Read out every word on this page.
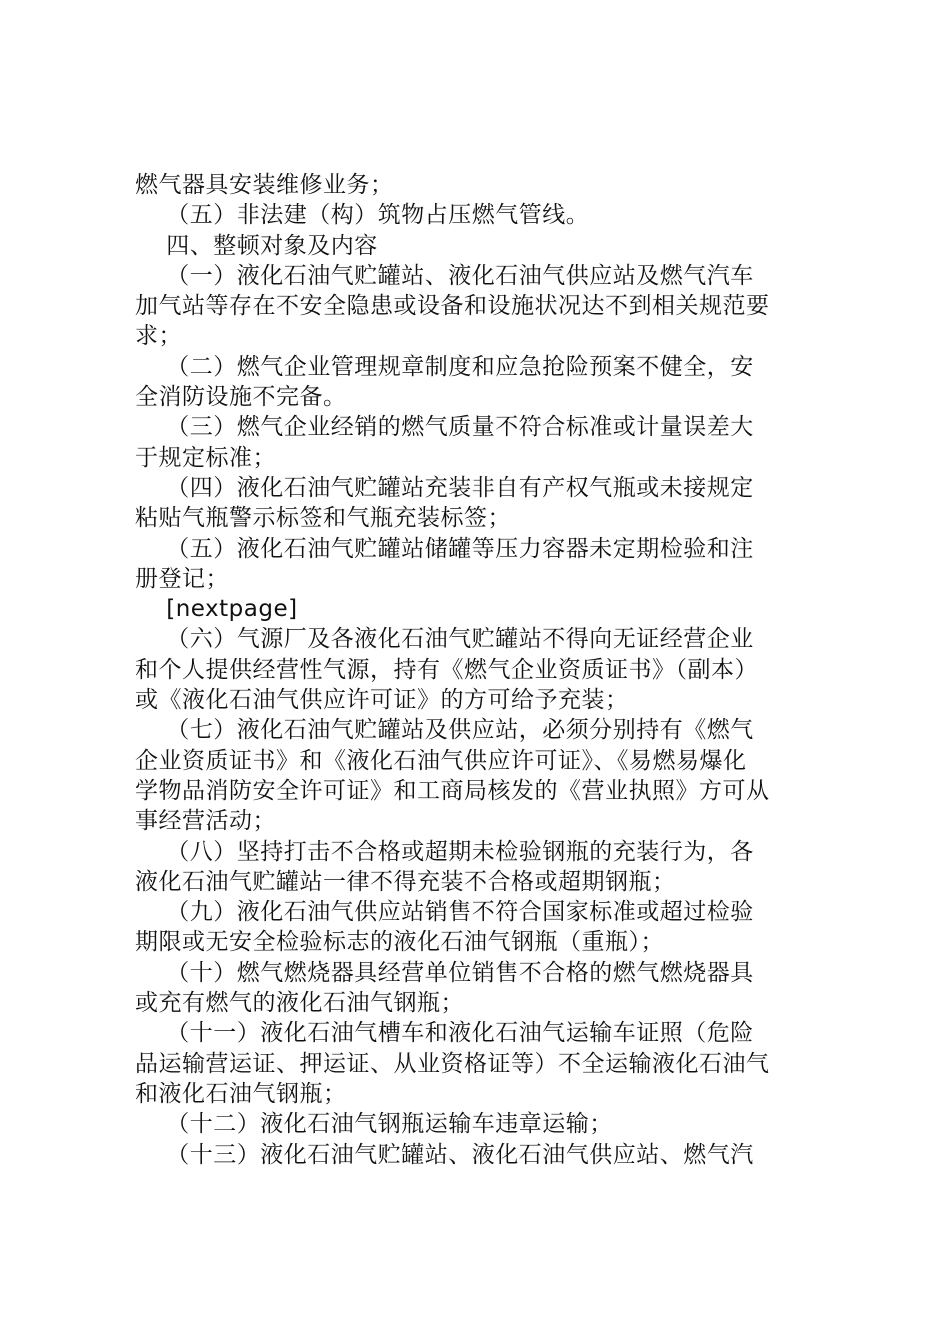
燃气器具安装维修业务；
（五）非法建（构）筑物占压燃气管线。
四、整顿对象及内容
（一）液化石油气贮罐站、液化石油气供应站及燃气汽车
加气站等存在不安全隐患或设备和设施状况达不到相关规范要
求；
（二）燃气企业管理规章制度和应急抢险预案不健全，安
全消防设施不完备。
（三）燃气企业经销的燃气质量不符合标准或计量误差大
于规定标准；
（四）液化石油气贮罐站充装非自有产权气瓶或未接规定
粘贴气瓶警示标签和气瓶充装标签；
（五）液化石油气贮罐站储罐等压力容器未定期检验和注
册登记；
[nextpage]
（六）气源厂及各液化石油气贮罐站不得向无证经营企业
和个人提供经营性气源，持有《燃气企业资质证书》（副本）
或《液化石油气供应许可证》的方可给予充装；
（七）液化石油气贮罐站及供应站，必须分别持有《燃气
企业资质证书》和《液化石油气供应许可证》、《易燃易爆化
学物品消防安全许可证》和工商局核发的《营业执照》方可从
事经营活动；
（八）坚持打击不合格或超期未检验钢瓶的充装行为，各
液化石油气贮罐站一律不得充装不合格或超期钢瓶；
（九）液化石油气供应站销售不符合国家标准或超过检验
期限或无安全检验标志的液化石油气钢瓶（重瓶）；
（十）燃气燃烧器具经营单位销售不合格的燃气燃烧器具
或充有燃气的液化石油气钢瓶；
（十一）液化石油气槽车和液化石油气运输车证照（危险
品运输营运证、押运证、从业资格证等）不全运输液化石油气
和液化石油气钢瓶；
（十二）液化石油气钢瓶运输车违章运输；
（十三）液化石油气贮罐站、液化石油气供应站、燃气汽
